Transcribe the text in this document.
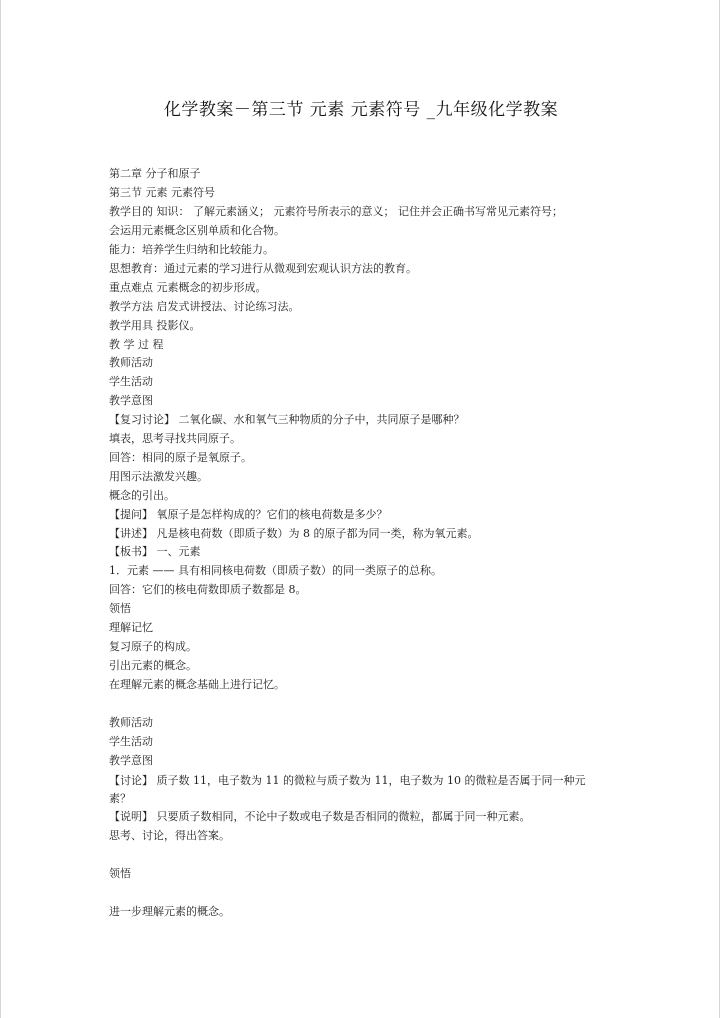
化学教案－第三节 元素 元素符号 _九年级化学教案
第二章 分子和原子
第三节 元素 元素符号
教学目的 知识： 了解元素涵义； 元素符号所表示的意义； 记住并会正确书写常见元素符号；
会运用元素概念区别单质和化合物。
能力：培养学生归纳和比较能力。
思想教育：通过元素的学习进行从微观到宏观认识方法的教育。
重点难点 元素概念的初步形成。
教学方法 启发式讲授法、讨论练习法。
教学用具 投影仪。
教 学 过 程
教师活动
学生活动
教学意图
【复习讨论】 二氧化碳、水和氧气三种物质的分子中，共同原子是哪种？
填表，思考寻找共同原子。
回答：相同的原子是氧原子。
用图示法激发兴趣。
概念的引出。
【提问】 氧原子是怎样构成的？它们的核电荷数是多少？
【讲述】 凡是核电荷数（即质子数）为 8 的原子都为同一类，称为氧元素。
【板书】 一、元素
1．元素 —— 具有相同核电荷数（即质子数）的同一类原子的总称。
回答：它们的核电荷数即质子数都是 8。
领悟
理解记忆
复习原子的构成。
引出元素的概念。
在理解元素的概念基础上进行记忆。
教师活动
学生活动
教学意图
【讨论】 质子数 11，电子数为 11 的微粒与质子数为 11，电子数为 10 的微粒是否属于同一种元素？
【说明】 只要质子数相同，不论中子数或电子数是否相同的微粒，都属于同一种元素。
思考、讨论，得出答案。
领悟
进一步理解元素的概念。
